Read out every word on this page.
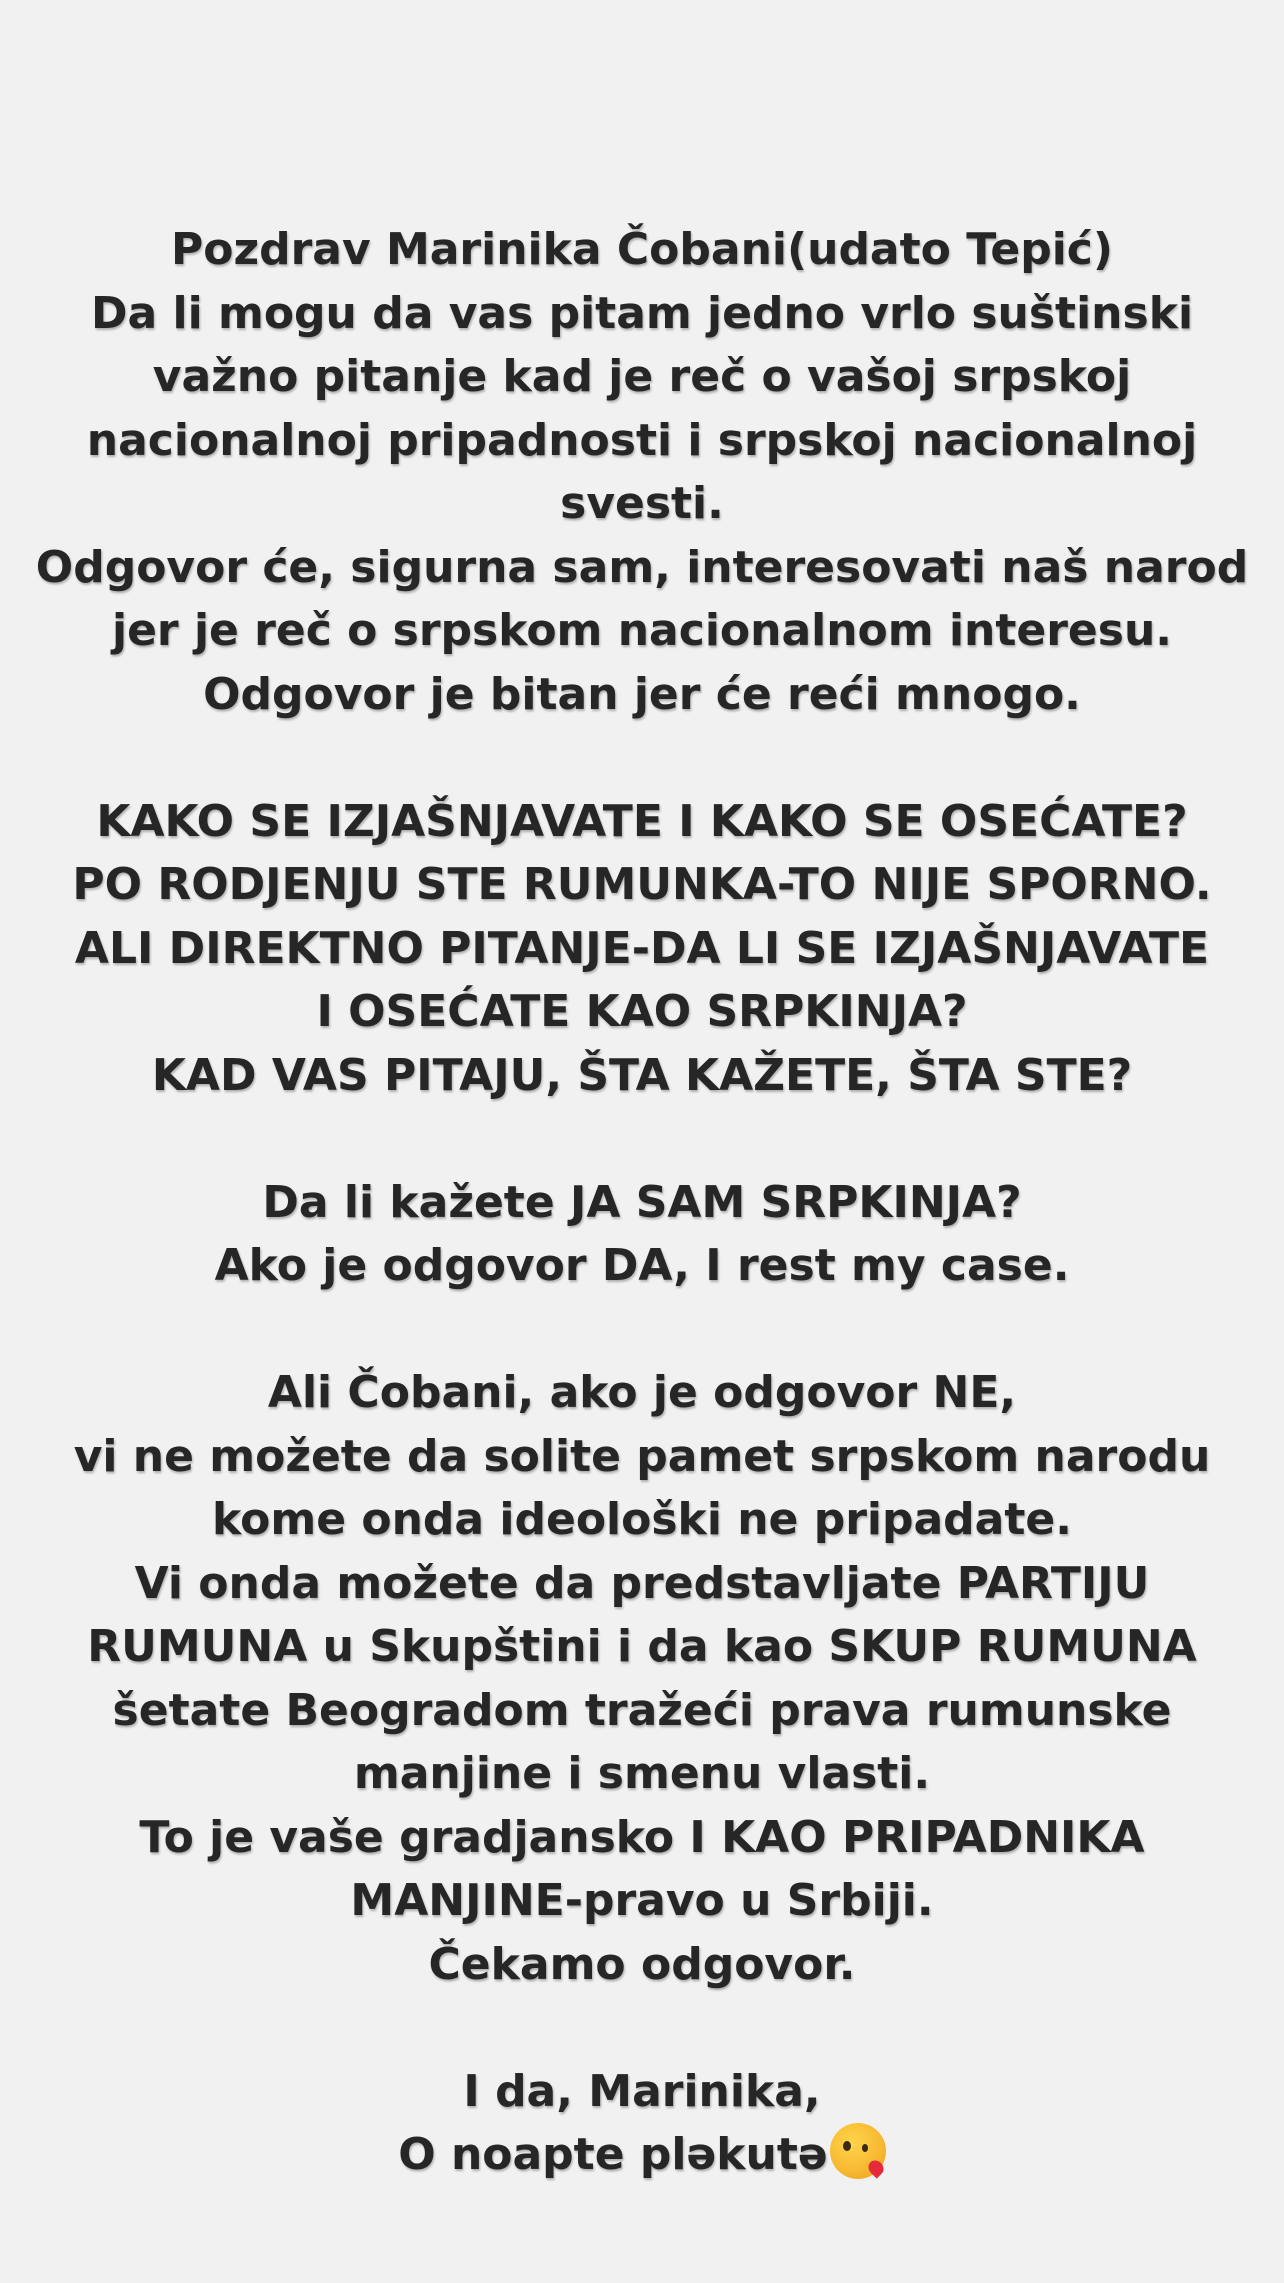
Pozdrav Marinika Čobani(udato Tepić)
Da li mogu da vas pitam jedno vrlo suštinski
važno pitanje kad je reč o vašoj srpskoj
nacionalnoj pripadnosti i srpskoj nacionalnoj
svesti.
Odgovor će, sigurna sam, interesovati naš narod
jer je reč o srpskom nacionalnom interesu.
Odgovor je bitan jer će reći mnogo.
KAKO SE IZJAŠNJAVATE I KAKO SE OSEĆATE?
PO RODJENJU STE RUMUNKA-TO NIJE SPORNO.
ALI DIREKTNO PITANJE-DA LI SE IZJAŠNJAVATE
I OSEĆATE KAO SRPKINJA?
KAD VAS PITAJU, ŠTA KAŽETE, ŠTA STE?
Da li kažete JA SAM SRPKINJA?
Ako je odgovor DA, I rest my case.
Ali Čobani, ako je odgovor NE,
vi ne možete da solite pamet srpskom narodu
kome onda ideološki ne pripadate.
Vi onda možete da predstavljate PARTIJU
RUMUNA u Skupštini i da kao SKUP RUMUNA
šetate Beogradom tražeći prava rumunske
manjine i smenu vlasti.
To je vaše gradjansko I KAO PRIPADNIKA
MANJINE-pravo u Srbiji.
Čekamo odgovor.
I da, Marinika,
O noapte pləkutə
